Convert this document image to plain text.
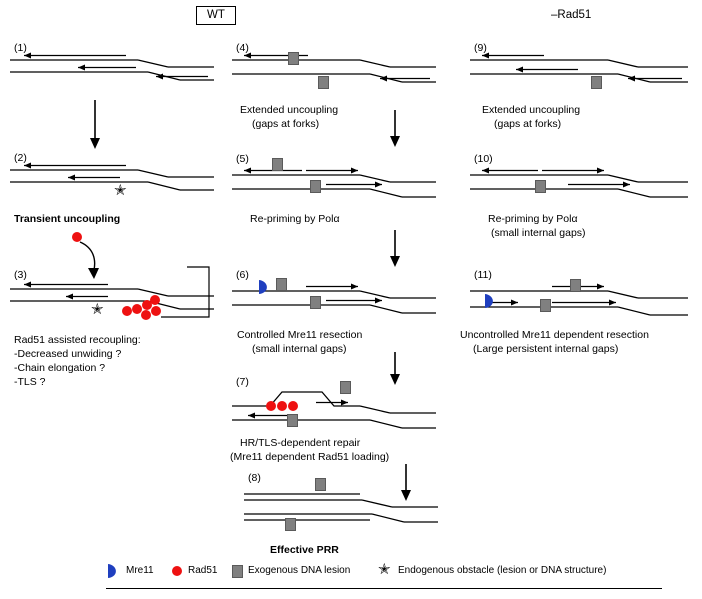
WT	–Rad51
(1)
(2)
✭
Transient uncoupling
(3)
✭
Rad51 assisted recoupling:
-Decreased unwiding ?
-Chain elongation ?
-TLS ?
(4)
Extended uncoupling
(gaps at forks)
(5)
Re-priming by Polα
(6)
Controlled Mre11 resection
(small internal gaps)
(7)
HR/TLS-dependent repair
(Mre11 dependent Rad51 loading)
(8)
Effective PRR
(9)
Extended uncoupling
(gaps at forks)
(10)
Re-priming by Polα
(small internal gaps)
(11)
Uncontrolled Mre11 dependent resection
(Large persistent internal gaps)
Mre11	Rad51	Exogenous DNA lesion ✭ Endogenous obstacle (lesion or DNA structure)
